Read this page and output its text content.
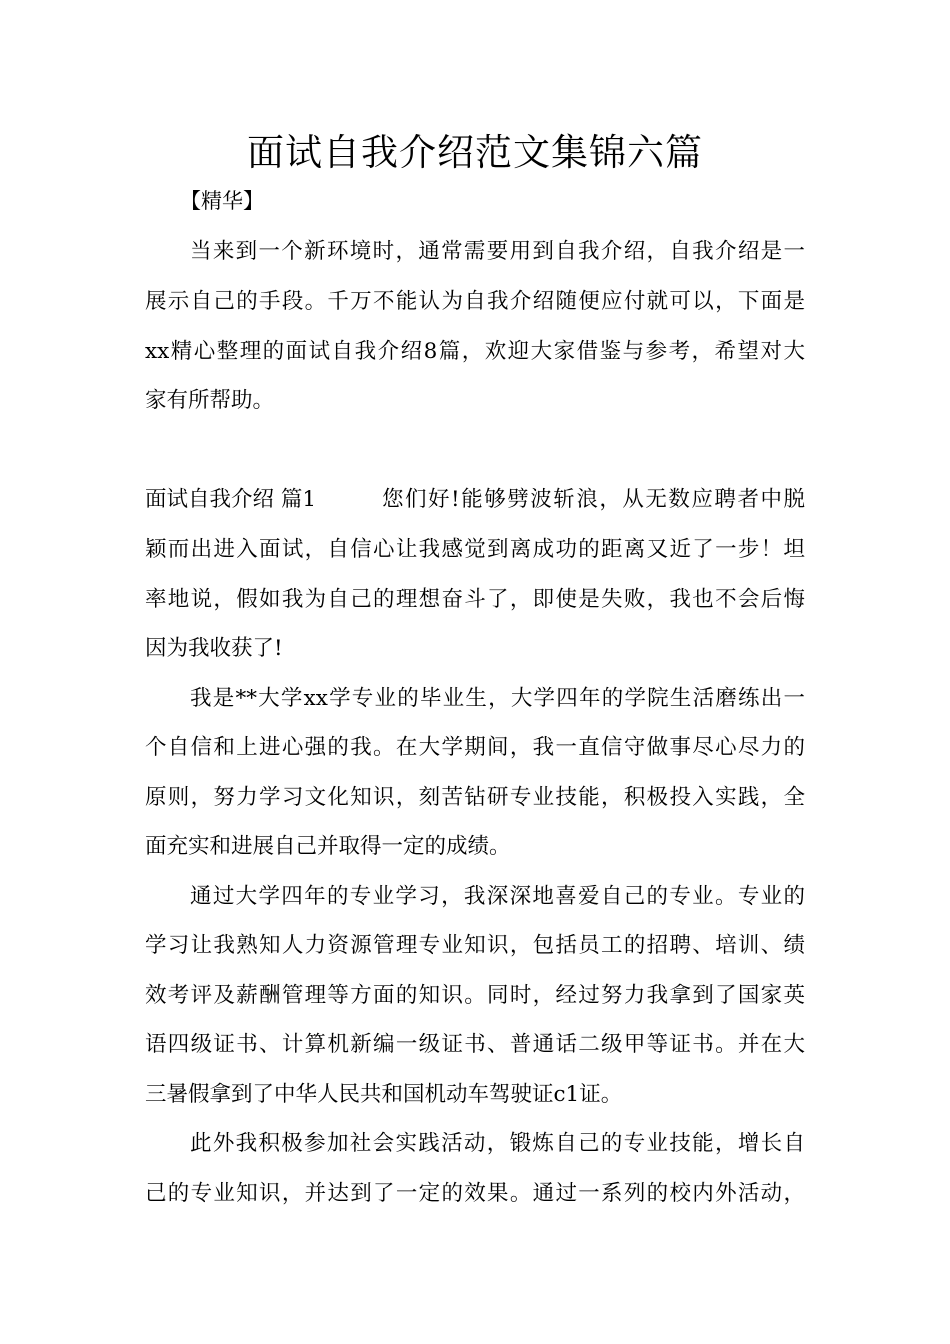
面试自我介绍范文集锦六篇
【精华】
当来到一个新环境时，通常需要用到自我介绍，自我介绍是一
展示自己的手段。千万不能认为自我介绍随便应付就可以，下面是
xx精心整理的面试自我介绍8篇，欢迎大家借鉴与参考，希望对大
家有所帮助。
面试自我介绍 篇1	您们好!能够劈波斩浪，从无数应聘者中脱
颖而出进入面试，自信心让我感觉到离成功的距离又近了一步！坦
率地说，假如我为自己的理想奋斗了，即使是失败，我也不会后悔
因为我收获了!
我是**大学xx学专业的毕业生，大学四年的学院生活磨练出一
个自信和上进心强的我。在大学期间，我一直信守做事尽心尽力的
原则，努力学习文化知识，刻苦钻研专业技能，积极投入实践，全
面充实和进展自己并取得一定的成绩。
通过大学四年的专业学习，我深深地喜爱自己的专业。专业的
学习让我熟知人力资源管理专业知识，包括员工的招聘、培训、绩
效考评及薪酬管理等方面的知识。同时，经过努力我拿到了国家英
语四级证书、计算机新编一级证书、普通话二级甲等证书。并在大
三暑假拿到了中华人民共和国机动车驾驶证c1证。
此外我积极参加社会实践活动，锻炼自己的专业技能，增长自
己的专业知识，并达到了一定的效果。通过一系列的校内外活动，
